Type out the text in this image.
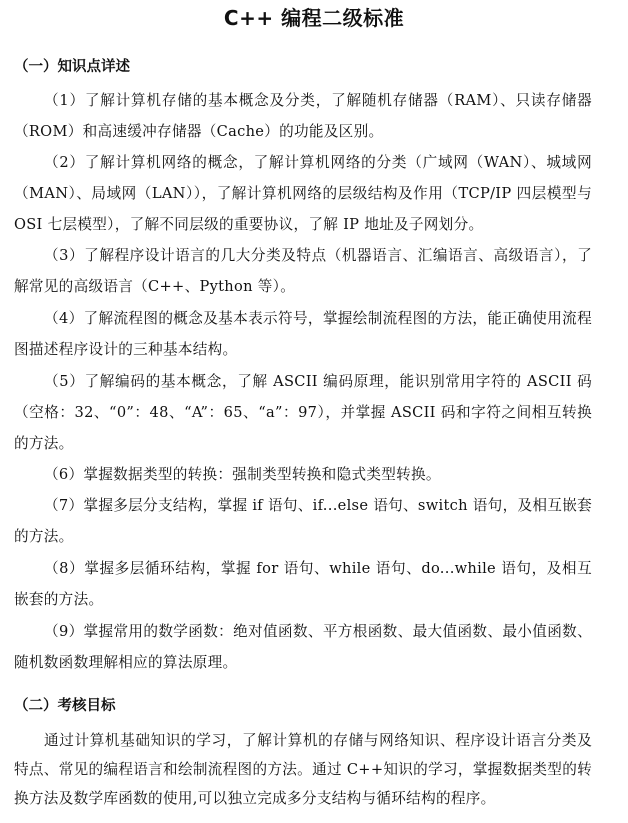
C++ 编程二级标准
（一）知识点详述

（1）了解计算机存储的基本概念及分类，了解随机存储器（RAM）、只读存储器（ROM）和高速缓冲存储器（Cache）的功能及区别。

（2）了解计算机网络的概念，了解计算机网络的分类（广域网（WAN）、城域网（MAN）、局域网（LAN）），了解计算机网络的层级结构及作用（TCP/IP 四层模型与 OSI 七层模型），了解不同层级的重要协议，了解 IP 地址及子网划分。

（3）了解程序设计语言的几大分类及特点（机器语言、汇编语言、高级语言），了解常见的高级语言（C++、Python 等）。

（4）了解流程图的概念及基本表示符号，掌握绘制流程图的方法，能正确使用流程图描述程序设计的三种基本结构。

（5）了解编码的基本概念，了解 ASCII 编码原理，能识别常用字符的 ASCII 码（空格：32、“0”：48、“A”：65、“a”：97），并掌握 ASCII 码和字符之间相互转换的方法。

（6）掌握数据类型的转换：强制类型转换和隐式类型转换。

（7）掌握多层分支结构，掌握 if 语句、if...else 语句、switch 语句，及相互嵌套的方法。

（8）掌握多层循环结构，掌握 for 语句、while 语句、do...while 语句，及相互嵌套的方法。

（9）掌握常用的数学函数：绝对值函数、平方根函数、最大值函数、最小值函数、随机数函数理解相应的算法原理。

（二）考核目标

通过计算机基础知识的学习，了解计算机的存储与网络知识、程序设计语言分类及特点、常见的编程语言和绘制流程图的方法。通过 C++知识的学习，掌握数据类型的转换方法及数学库函数的使用,可以独立完成多分支结构与循环结构的程序。
